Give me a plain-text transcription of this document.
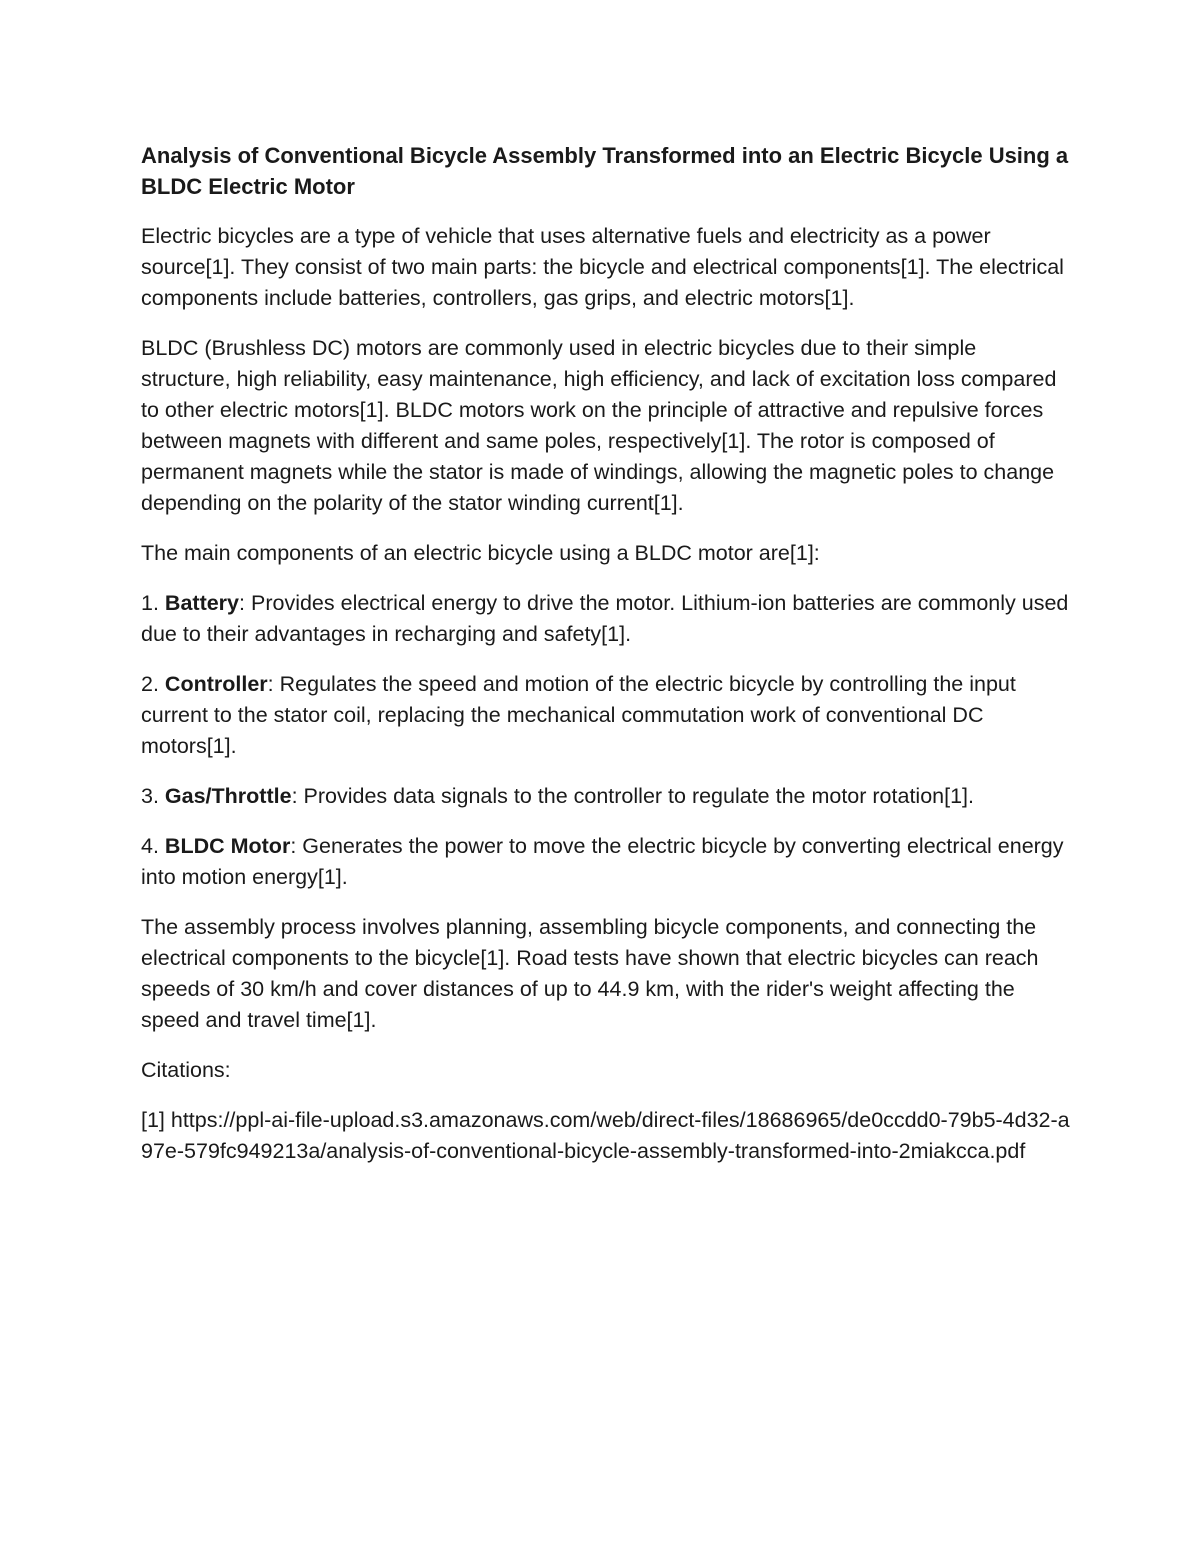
Analysis of Conventional Bicycle Assembly Transformed into an Electric Bicycle Using a BLDC Electric Motor

Electric bicycles are a type of vehicle that uses alternative fuels and electricity as a power source[1]. They consist of two main parts: the bicycle and electrical components[1]. The electrical components include batteries, controllers, gas grips, and electric motors[1].

BLDC (Brushless DC) motors are commonly used in electric bicycles due to their simple structure, high reliability, easy maintenance, high efficiency, and lack of excitation loss compared to other electric motors[1]. BLDC motors work on the principle of attractive and repulsive forces between magnets with different and same poles, respectively[1]. The rotor is composed of permanent magnets while the stator is made of windings, allowing the magnetic poles to change depending on the polarity of the stator winding current[1].

The main components of an electric bicycle using a BLDC motor are[1]:

1. Battery: Provides electrical energy to drive the motor. Lithium-ion batteries are commonly used due to their advantages in recharging and safety[1].

2. Controller: Regulates the speed and motion of the electric bicycle by controlling the input current to the stator coil, replacing the mechanical commutation work of conventional DC motors[1].

3. Gas/Throttle: Provides data signals to the controller to regulate the motor rotation[1].

4. BLDC Motor: Generates the power to move the electric bicycle by converting electrical energy into motion energy[1].

The assembly process involves planning, assembling bicycle components, and connecting the electrical components to the bicycle[1]. Road tests have shown that electric bicycles can reach speeds of 30 km/h and cover distances of up to 44.9 km, with the rider's weight affecting the speed and travel time[1].

Citations:

[1] https://ppl-ai-file-upload.s3.amazonaws.com/web/direct-files/18686965/de0ccdd0-79b5-4d32-a97e-579fc949213a/analysis-of-conventional-bicycle-assembly-transformed-into-2miakcca.pdf
